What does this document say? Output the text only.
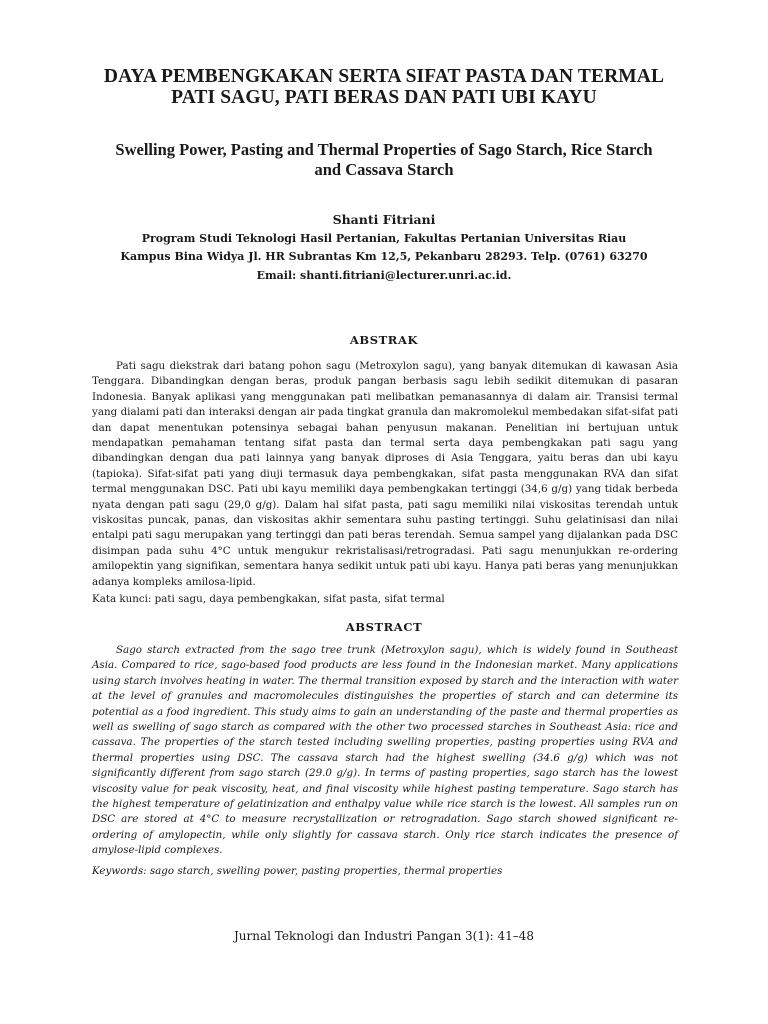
DAYA PEMBENGKAKAN SERTA SIFAT PASTA DAN TERMAL
PATI SAGU, PATI BERAS DAN PATI UBI KAYU
Swelling Power, Pasting and Thermal Properties of Sago Starch, Rice Starch
and Cassava Starch
Shanti Fitriani
Program Studi Teknologi Hasil Pertanian, Fakultas Pertanian Universitas Riau
Kampus Bina Widya Jl. HR Subrantas Km 12,5, Pekanbaru 28293. Telp. (0761) 63270
Email: shanti.fitriani@lecturer.unri.ac.id.
ABSTRAK

Pati sagu diekstrak dari batang pohon sagu (Metroxylon sagu), yang banyak ditemukan di kawasan Asia Tenggara. Dibandingkan dengan beras, produk pangan berbasis sagu lebih sedikit ditemukan di pasaran Indonesia. Banyak aplikasi yang menggunakan pati melibatkan pemanasannya di dalam air. Transisi termal yang dialami pati dan interaksi dengan air pada tingkat granula dan makromolekul membedakan sifat-sifat pati dan dapat menentukan potensinya sebagai bahan penyusun makanan. Penelitian ini bertujuan untuk mendapatkan pemahaman tentang sifat pasta dan termal serta daya pembengkakan pati sagu yang dibandingkan dengan dua pati lainnya yang banyak diproses di Asia Tenggara, yaitu beras dan ubi kayu (tapioka). Sifat-sifat pati yang diuji termasuk daya pembengkakan, sifat pasta menggunakan RVA dan sifat termal menggunakan DSC. Pati ubi kayu memiliki daya pembengkakan tertinggi (34,6 g/g) yang tidak berbeda nyata dengan pati sagu (29,0 g/g). Dalam hal sifat pasta, pati sagu memiliki nilai viskositas terendah untuk viskositas puncak, panas, dan viskositas akhir sementara suhu pasting tertinggi. Suhu gelatinisasi dan nilai entalpi pati sagu merupakan yang tertinggi dan pati beras terendah. Semua sampel yang dijalankan pada DSC disimpan pada suhu 4°C untuk mengukur rekristalisasi/retrogradasi. Pati sagu menunjukkan re-ordering amilopektin yang signifikan, sementara hanya sedikit untuk pati ubi kayu. Hanya pati beras yang menunjukkan adanya kompleks amilosa-lipid.

Kata kunci: pati sagu, daya pembengkakan, sifat pasta, sifat termal
ABSTRACT

Sago starch extracted from the sago tree trunk (Metroxylon sagu), which is widely found in Southeast Asia. Compared to rice, sago-based food products are less found in the Indonesian market. Many applications using starch involves heating in water. The thermal transition exposed by starch and the interaction with water at the level of granules and macromolecules distinguishes the properties of starch and can determine its potential as a food ingredient. This study aims to gain an understanding of the paste and thermal properties as well as swelling of sago starch as compared with the other two processed starches in Southeast Asia: rice and cassava. The properties of the starch tested including swelling properties, pasting properties using RVA and thermal properties using DSC. The cassava starch had the highest swelling (34.6 g/g) which was not significantly different from sago starch (29.0 g/g). In terms of pasting properties, sago starch has the lowest viscosity value for peak viscosity, heat, and final viscosity while highest pasting temperature. Sago starch has the highest temperature of gelatinization and enthalpy value while rice starch is the lowest. All samples run on DSC are stored at 4°C to measure recrystallization or retrogradation. Sago starch showed significant re-ordering of amylopectin, while only slightly for cassava starch. Only rice starch indicates the presence of amylose-lipid complexes.

Keywords: sago starch, swelling power, pasting properties, thermal properties
Jurnal Teknologi dan Industri Pangan 3(1): 41–48
